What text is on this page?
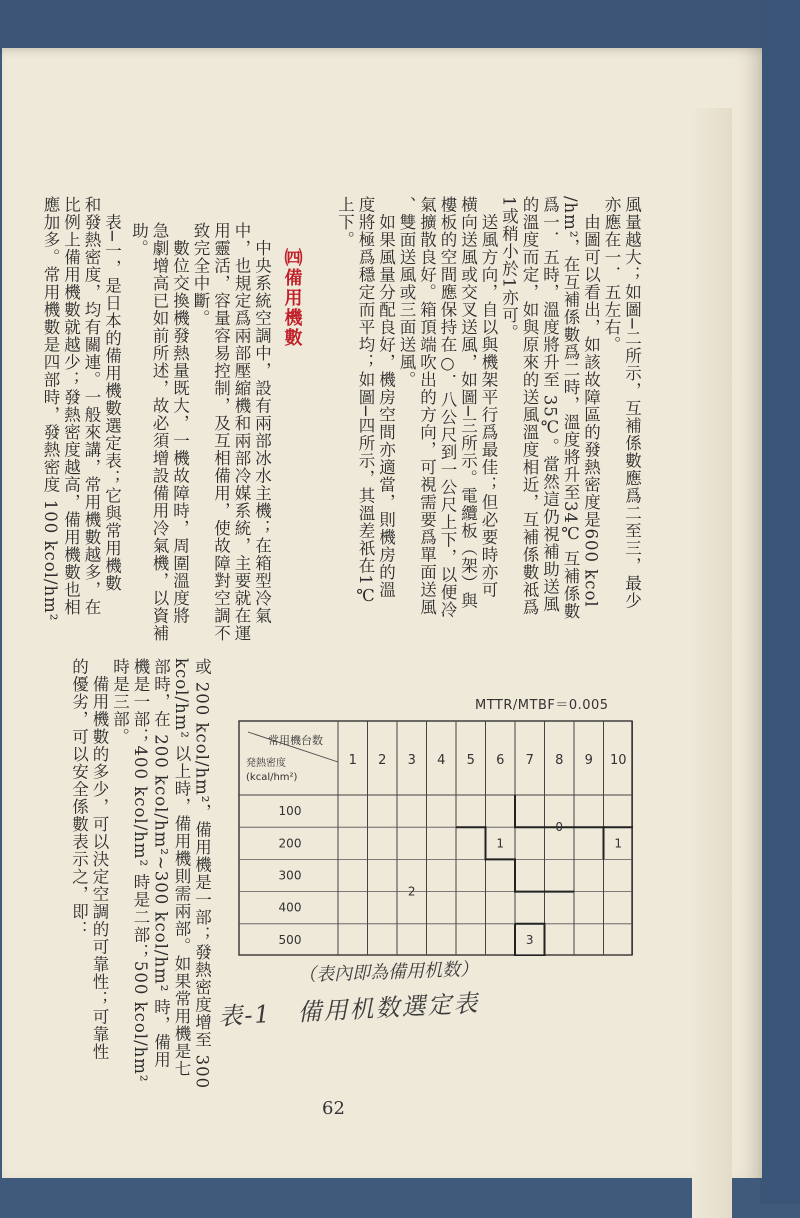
風量越大；如圖─二所示，互補係數應爲二至三，最少
亦應在一．五左右。
　由圖可以看出，如該故障區的發熱密度是600 kcol
/hm²，在互補係數爲二時，溫度將升至34℃ 互補係數
爲一．五時，溫度將升至 35℃。當然這仍視補助送風
的溫度而定，如與原來的送風溫度相近，互補係數祗爲
1或稍小於1亦可。
　送風方向，自以與機架平行爲最佳；但必要時亦可
横向送風或交叉送風，如圖─三所示。電纜板（架）與
樓板的空間應保持在○．八公尺到一公尺上下，以便冷
氣擴散良好。箱頂端吹出的方向，可視需要爲單面送風
、雙面送風或三面送風。
　如果風量分配良好，機房空間亦適當，則機房的溫
度將極爲穩定而平均；如圖─四所示，其溫差祇在1℃
上下。
㈣備用機數
　中央系統空調中，設有兩部冰水主機；在箱型冷氣
中，也規定爲兩部壓縮機和兩部冷媒系統，主要就在運
用靈活，容量容易控制，及互相備用，使故障對空調不
致完全中斷。
　數位交換機發熱量既大，一機故障時，周圍溫度將
急劇增高已如前所述，故必須增設備用冷氣機，以資補
助。
　表─一，是日本的備用機數選定表；它與常用機數
和發熱密度，均有關連。一般來講，常用機數越多，在
比例上備用機數就越少；發熱密度越高，備用機數也相
應加多。常用機數是四部時，發熱密度 100 kcol/hm²
或 200 kcol/hm²，備用機是一部；發熱密度增至 300
kcol/hm² 以上時，備用機則需兩部。如果常用機是七
部時，在 200 kcol/hm²~300 kcol/hm² 時，備用
機是一部；400 kcol/hm² 時是二部；500 kcol/hm²
時是三部。
　備用機數的多少，可以決定空調的可靠性；可靠性
的優劣，可以安全係數表示之，即：	MTTR/MTBF＝0.005
常用機台数
発熱密度
(kcal/hm²)
1 2 3 4 5 6 7 8 9 10
100
200
300
400
500
0
1	1
2
3
（表內即為備用机数）
表-1　備用机数選定表
62
